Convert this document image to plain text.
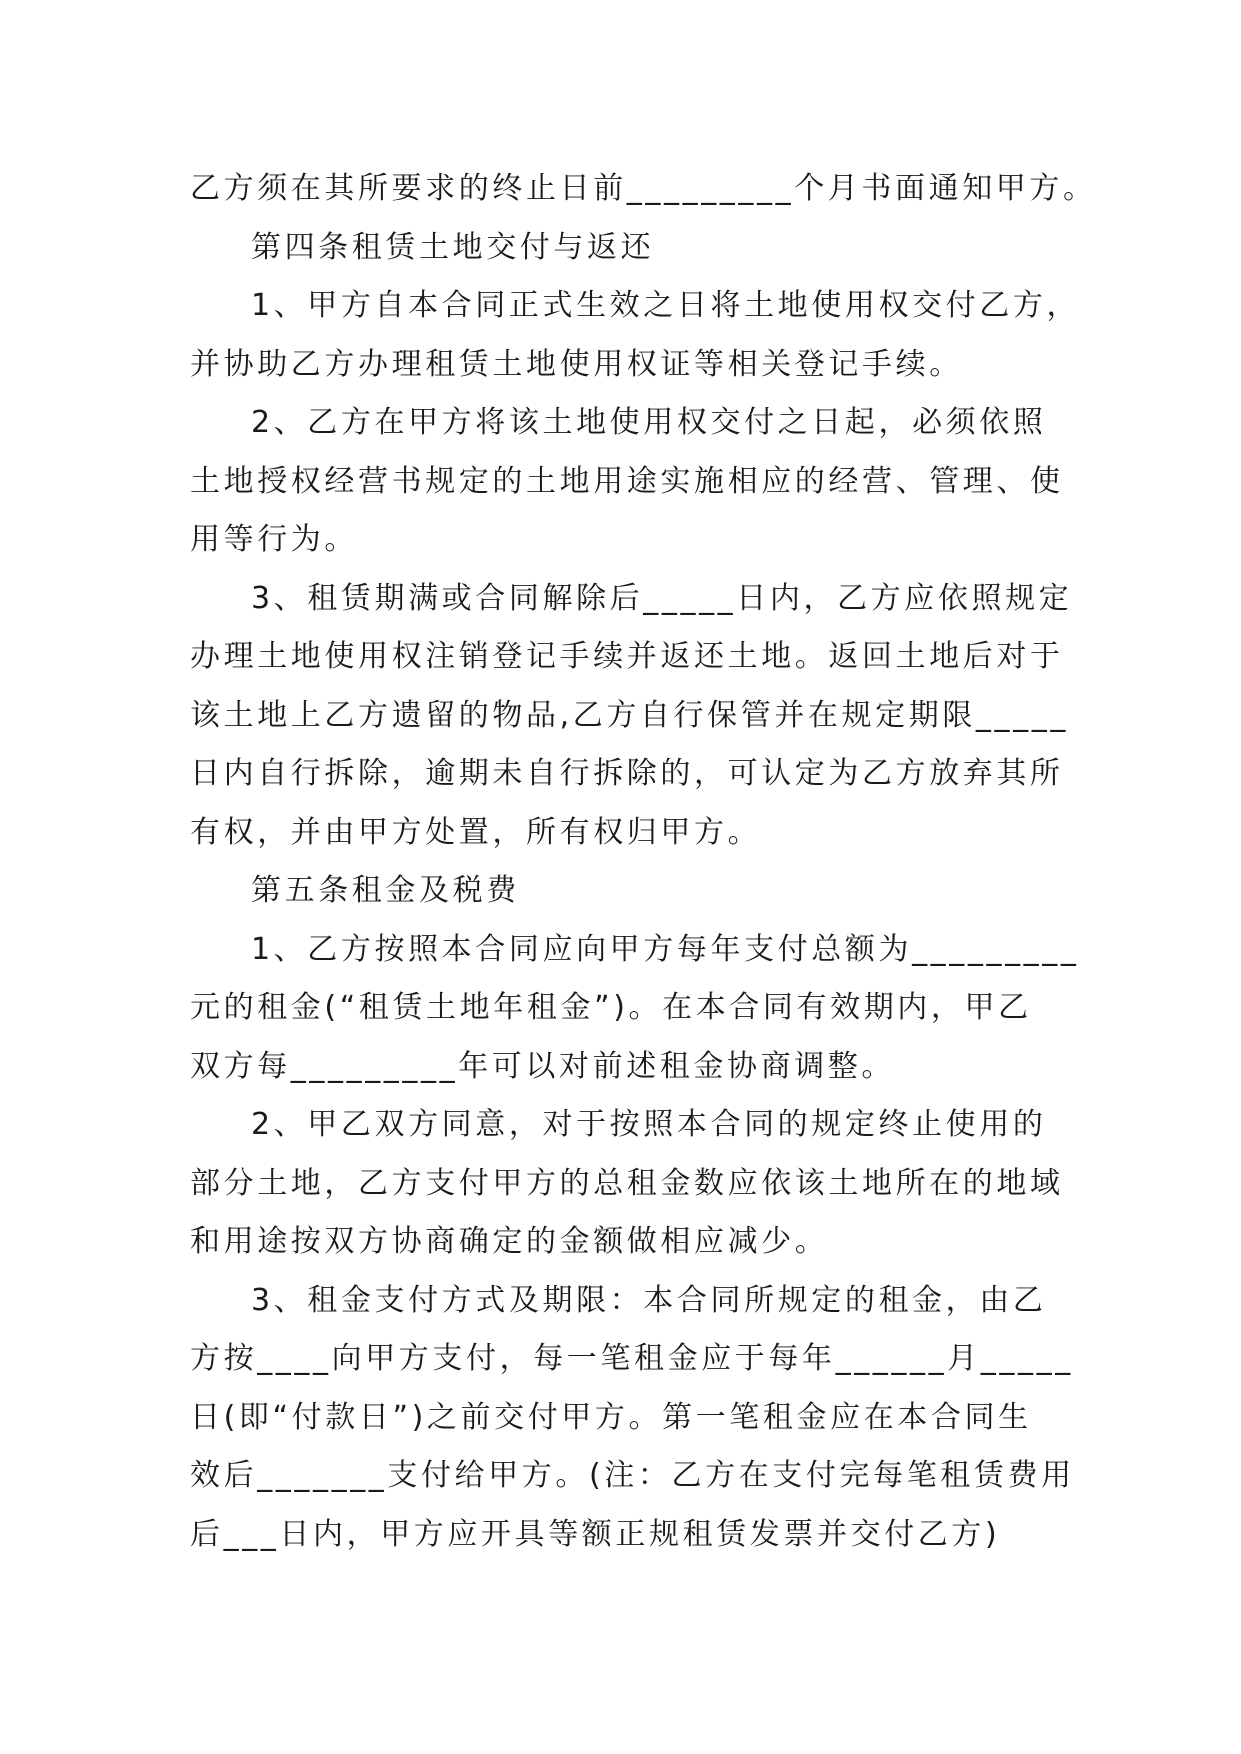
乙方须在其所要求的终止日前_________个月书面通知甲方。

第四条租赁土地交付与返还

1、甲方自本合同正式生效之日将土地使用权交付乙方，

并协助乙方办理租赁土地使用权证等相关登记手续。

2、乙方在甲方将该土地使用权交付之日起，必须依照

土地授权经营书规定的土地用途实施相应的经营、管理、使

用等行为。

3、租赁期满或合同解除后_____日内，乙方应依照规定

办理土地使用权注销登记手续并返还土地。返回土地后对于

该土地上乙方遗留的物品,乙方自行保管并在规定期限_____

日内自行拆除，逾期未自行拆除的，可认定为乙方放弃其所

有权，并由甲方处置，所有权归甲方。

第五条租金及税费

1、乙方按照本合同应向甲方每年支付总额为_________

元的租金(“租赁土地年租金”)。在本合同有效期内，甲乙

双方每_________年可以对前述租金协商调整。

2、甲乙双方同意，对于按照本合同的规定终止使用的

部分土地，乙方支付甲方的总租金数应依该土地所在的地域

和用途按双方协商确定的金额做相应减少。

3、租金支付方式及期限：本合同所规定的租金，由乙

方按____向甲方支付，每一笔租金应于每年______月_____

日(即“付款日”)之前交付甲方。第一笔租金应在本合同生

效后_______支付给甲方。(注：乙方在支付完每笔租赁费用

后___日内，甲方应开具等额正规租赁发票并交付乙方)
